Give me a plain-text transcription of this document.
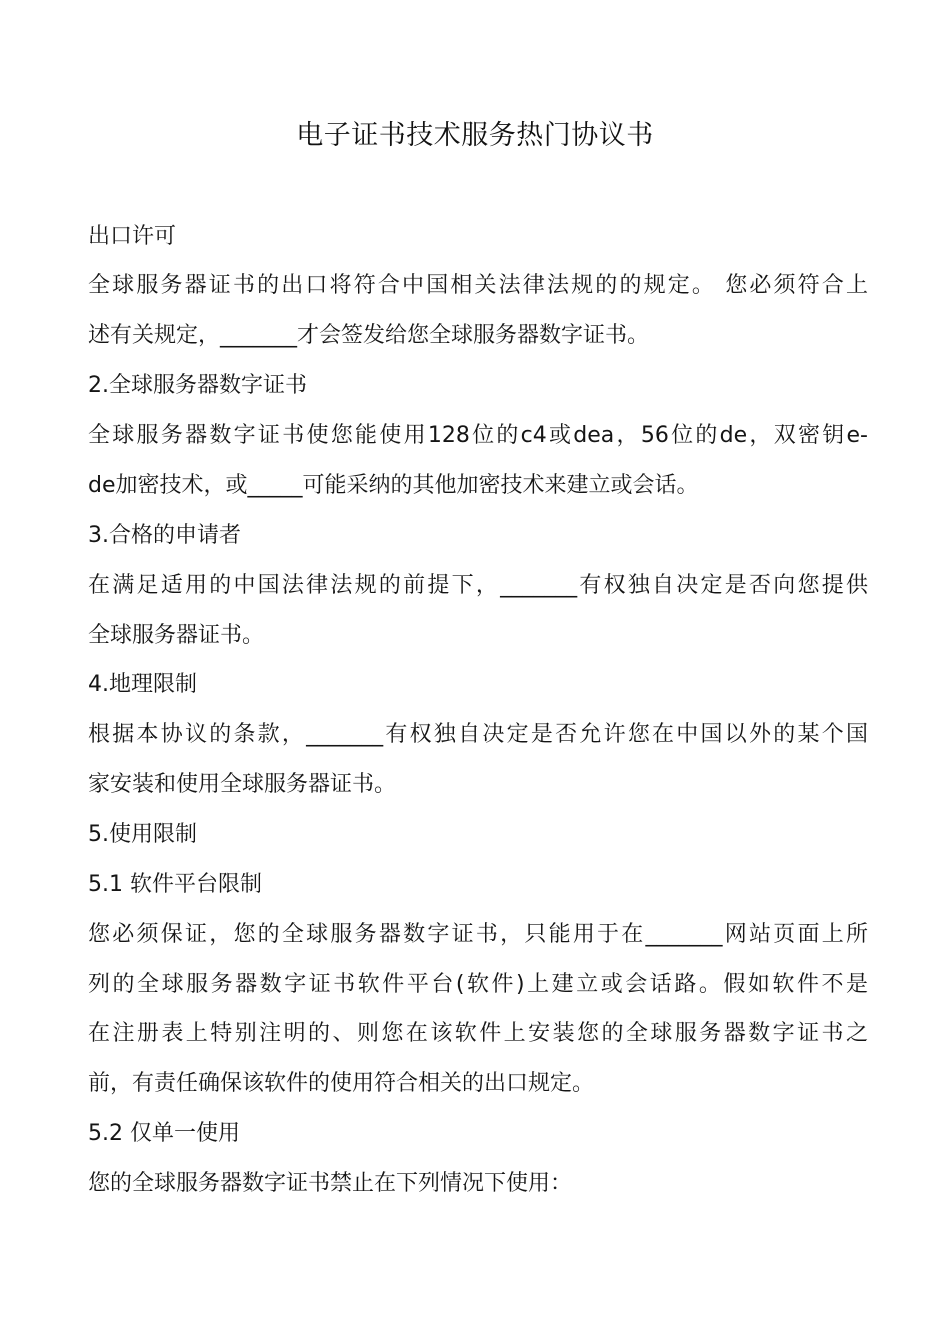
电子证书技术服务热门协议书
出口许可
全球服务器证书的出口将符合中国相关法律法规的的规定。 您必须符合上
述有关规定，_______才会签发给您全球服务器数字证书。
2.全球服务器数字证书
全球服务器数字证书使您能使用128位的c4或dea，56位的de，双密钥e-
de加密技术，或_____可能采纳的其他加密技术来建立或会话。
3.合格的申请者
在满足适用的中国法律法规的前提下，_______有权独自决定是否向您提供
全球服务器证书。
4.地理限制
根据本协议的条款，_______有权独自决定是否允许您在中国以外的某个国
家安装和使用全球服务器证书。
5.使用限制
5.1 软件平台限制
您必须保证，您的全球服务器数字证书，只能用于在_______网站页面上所
列的全球服务器数字证书软件平台(软件)上建立或会话路。假如软件不是
在注册表上特别注明的、则您在该软件上安装您的全球服务器数字证书之
前，有责任确保该软件的使用符合相关的出口规定。
5.2 仅单一使用
您的全球服务器数字证书禁止在下列情况下使用：
